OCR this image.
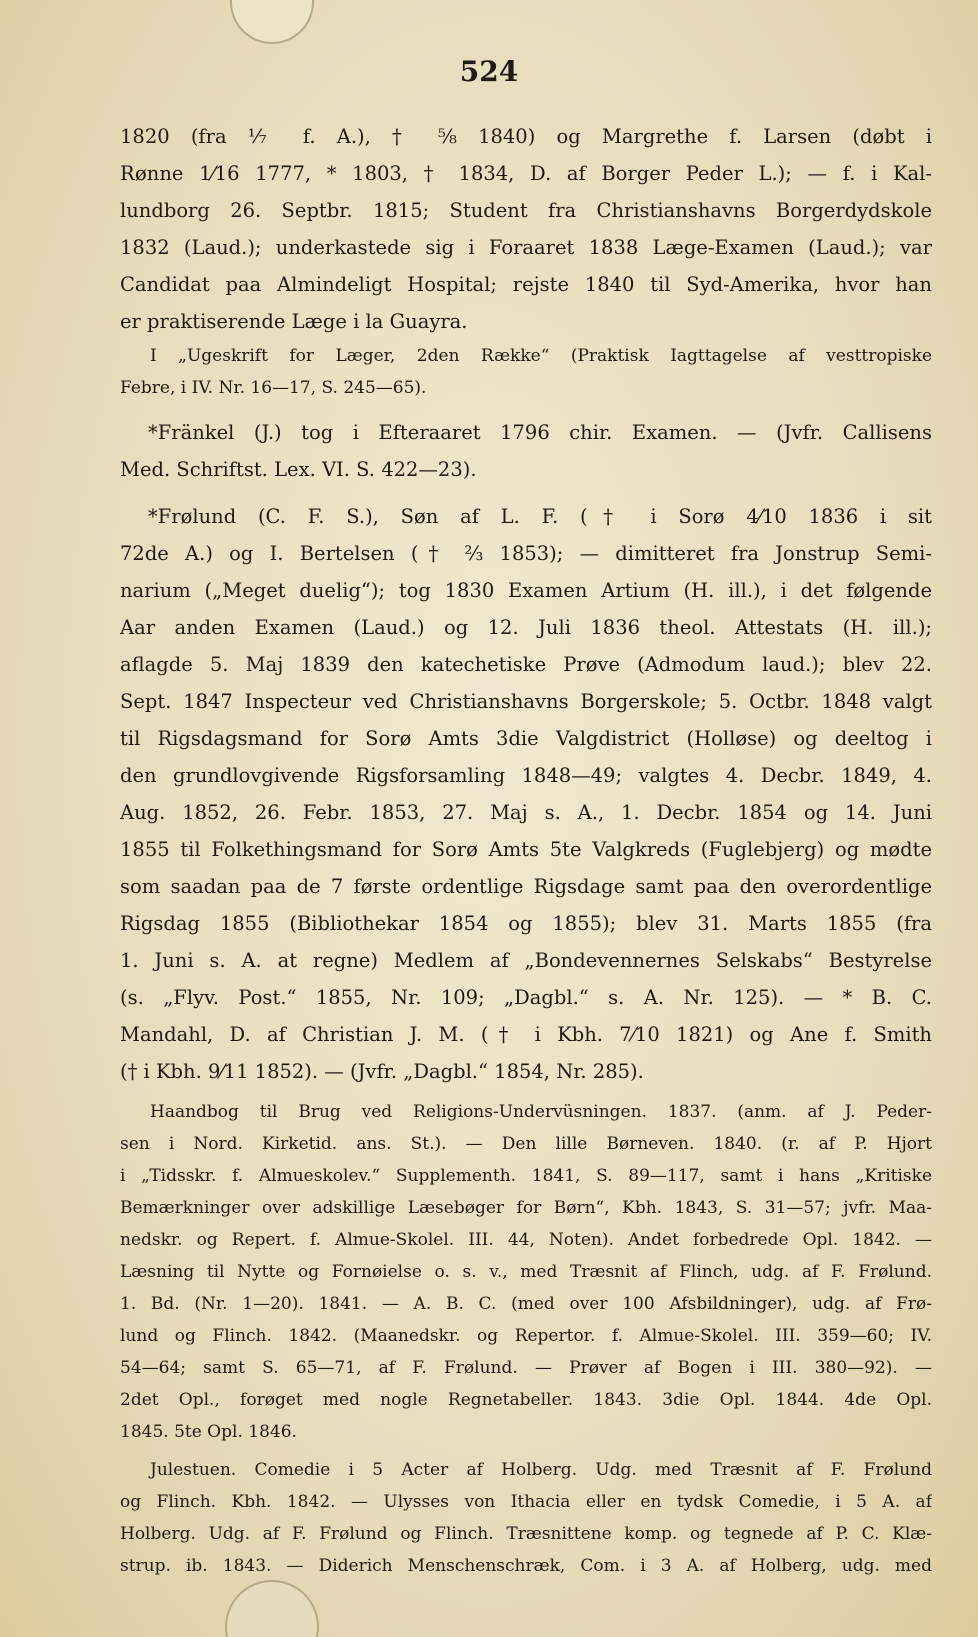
524
1820 (fra ⅐ f. A.), † ⅝ 1840) og Margrethe f. Larsen (døbt i
Rønne 1⁄16 1777, * 1803, † 1834, D. af Borger Peder L.); — f. i Kal-
lundborg 26. Septbr. 1815; Student fra Christianshavns Borgerdydskole
1832 (Laud.); underkastede sig i Foraaret 1838 Læge-Examen (Laud.); var
Candidat paa Almindeligt Hospital; rejste 1840 til Syd-Amerika, hvor han
er praktiserende Læge i la Guayra.
I „Ugeskrift for Læger, 2den Række“ (Praktisk Iagttagelse af vesttropiske
Febre, i IV. Nr. 16—17, S. 245—65).
*Fränkel (J.) tog i Efteraaret 1796 chir. Examen. — (Jvfr. Callisens
Med. Schriftst. Lex. VI. S. 422—23).
*Frølund (C. F. S.), Søn af L. F. († i Sorø 4⁄10 1836 i sit
72de A.) og I. Bertelsen († ⅔ 1853); — dimitteret fra Jonstrup Semi-
narium („Meget duelig“); tog 1830 Examen Artium (H. ill.), i det følgende
Aar anden Examen (Laud.) og 12. Juli 1836 theol. Attestats (H. ill.);
aflagde 5. Maj 1839 den katechetiske Prøve (Admodum laud.); blev 22.
Sept. 1847 Inspecteur ved Christianshavns Borgerskole; 5. Octbr. 1848 valgt
til Rigsdagsmand for Sorø Amts 3die Valgdistrict (Holløse) og deeltog i
den grundlovgivende Rigsforsamling 1848—49; valgtes 4. Decbr. 1849, 4.
Aug. 1852, 26. Febr. 1853, 27. Maj s. A., 1. Decbr. 1854 og 14. Juni
1855 til Folkethingsmand for Sorø Amts 5te Valgkreds (Fuglebjerg) og mødte
som saadan paa de 7 første ordentlige Rigsdage samt paa den overordentlige
Rigsdag 1855 (Bibliothekar 1854 og 1855); blev 31. Marts 1855 (fra
1. Juni s. A. at regne) Medlem af „Bondevennernes Selskabs“ Bestyrelse
(s. „Flyv. Post.“ 1855, Nr. 109; „Dagbl.“ s. A. Nr. 125). — * B. C.
Mandahl, D. af Christian J. M. († i Kbh. 7⁄10 1821) og Ane f. Smith
(† i Kbh. 9⁄11 1852). — (Jvfr. „Dagbl.“ 1854, Nr. 285).
Haandbog til Brug ved Religions-Undervüsningen. 1837. (anm. af J. Peder-
sen i Nord. Kirketid. ans. St.). — Den lille Børneven. 1840. (r. af P. Hjort
i „Tidsskr. f. Almueskolev.“ Supplementh. 1841, S. 89—117, samt i hans „Kritiske
Bemærkninger over adskillige Læsebøger for Børn“, Kbh. 1843, S. 31—57; jvfr. Maa-
nedskr. og Repert. f. Almue-Skolel. III. 44, Noten). Andet forbedrede Opl. 1842. —
Læsning til Nytte og Fornøielse o. s. v., med Træsnit af Flinch, udg. af F. Frølund.
1. Bd. (Nr. 1—20). 1841. — A. B. C. (med over 100 Afsbildninger), udg. af Frø-
lund og Flinch. 1842. (Maanedskr. og Repertor. f. Almue-Skolel. III. 359—60; IV.
54—64; samt S. 65—71, af F. Frølund. — Prøver af Bogen i III. 380—92). —
2det Opl., forøget med nogle Regnetabeller. 1843. 3die Opl. 1844. 4de Opl.
1845. 5te Opl. 1846.
Julestuen. Comedie i 5 Acter af Holberg. Udg. med Træsnit af F. Frølund
og Flinch. Kbh. 1842. — Ulysses von Ithacia eller en tydsk Comedie, i 5 A. af
Holberg. Udg. af F. Frølund og Flinch. Træsnittene komp. og tegnede af P. C. Klæ-
strup. ib. 1843. — Diderich Menschenschræk, Com. i 3 A. af Holberg, udg. med
